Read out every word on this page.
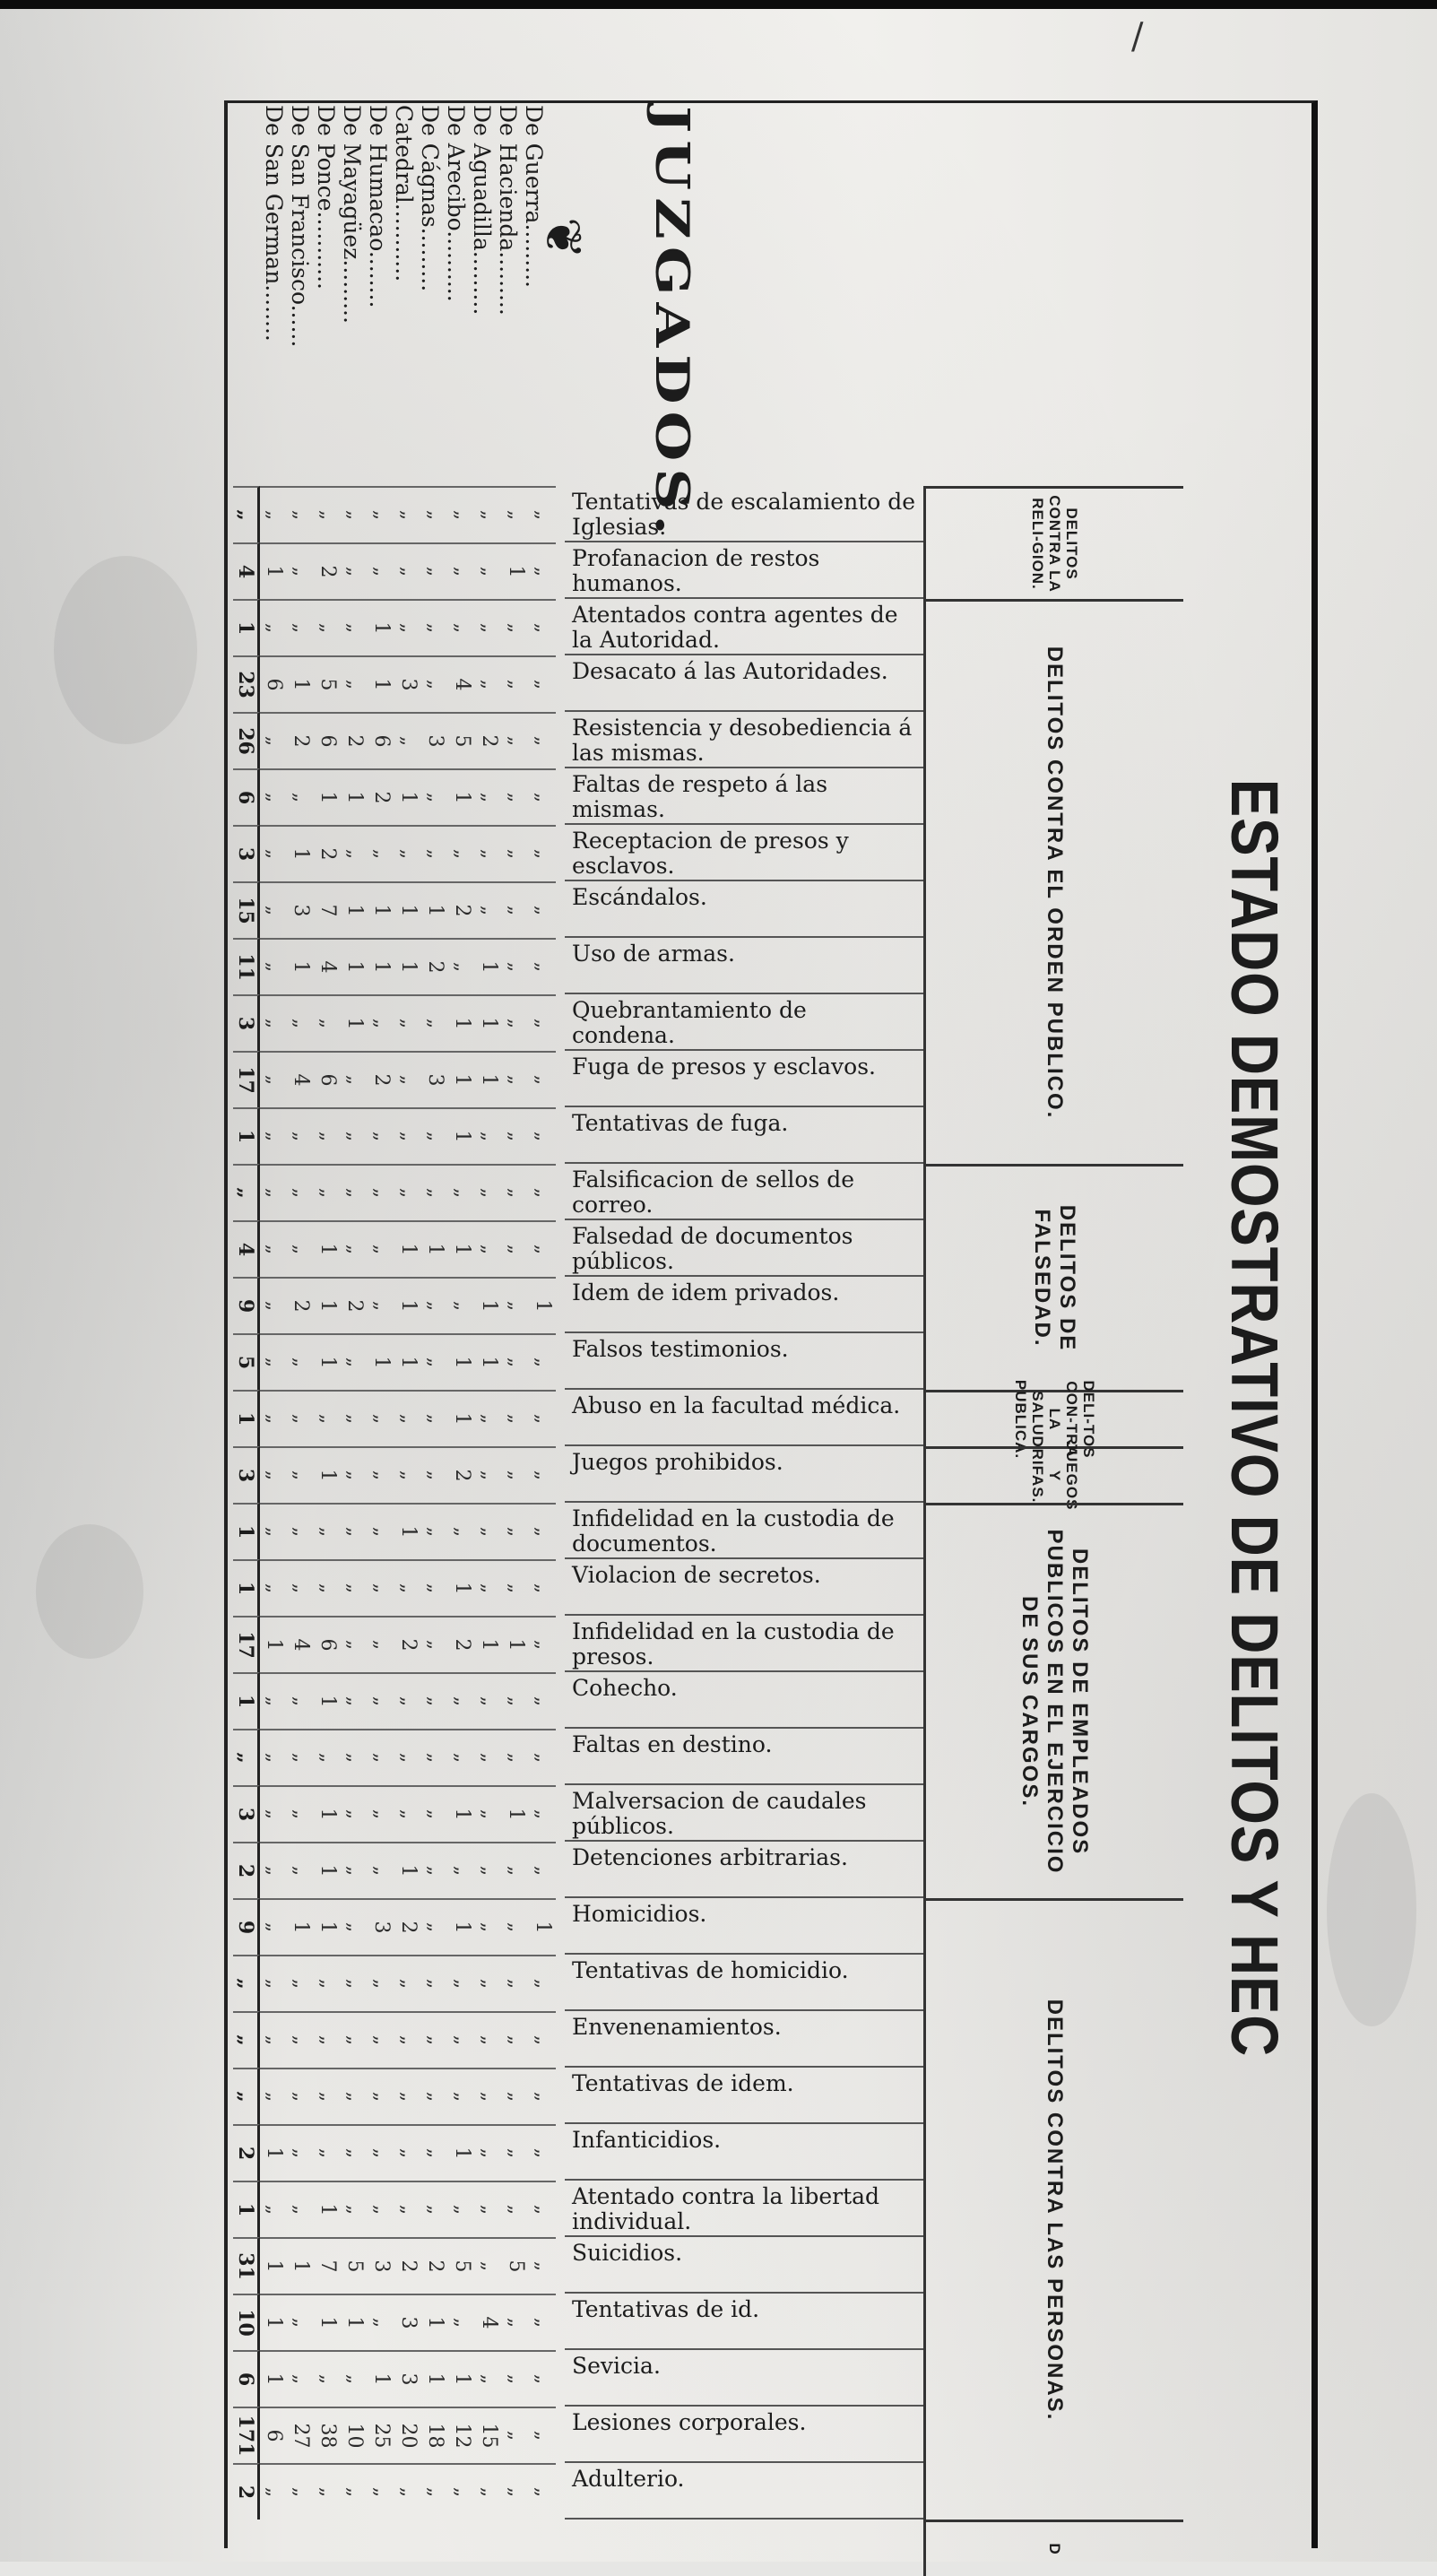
/
ESTADO DEMOSTRATIVO DE DELITOS Y HEC
JUZGADOS.
❦
De Guerra.........
De Hacienda.........
De Aguadilla.........
De Arecibo..........
De Cágnas.........
Catedral...........
De Humacao........
De Mayagüez.........
De Ponce...........
De San Francisco......
De San German........
DELITOS CONTRA LA RELI-GION.
DELITOS CONTRA EL ORDEN PUBLICO.
DELITOS DE FALSEDAD.
DELI-TOS CON-TRA LA SALUD PUBLICA.
JUEGOS Y RIFAS.
DELITOS DE EMPLEADOS PUBLICOS EN EL EJERCICIO DE SUS CARGOS.
DELITOS CONTRA LAS PERSONAS.
D
Tentativas de escalamiento de Iglesias.
Profanacion de restos humanos.
Atentados contra agentes de la Autoridad.
Desacato á las Autoridades.
Resistencia y desobediencia á las mismas.
Faltas de respeto á las mismas.
Receptacion de presos y esclavos.
Escándalos.
Uso de armas.
Quebrantamiento de condena.
Fuga de presos y esclavos.
Tentativas de fuga.
Falsificacion de sellos de correo.
Falsedad de documentos públicos.
Idem de idem privados.
Falsos testimonios.
Abuso en la facultad médica.
Juegos prohibidos.
Infidelidad en la custodia de documentos.
Violacion de secretos.
Infidelidad en la custodia de presos.
Cohecho.
Faltas en destino.
Malversacion de caudales públicos.
Detenciones arbitrarias.
Homicidios.
Tentativas de homicidio.
Envenenamientos.
Tentativas de idem.
Infanticidios.
Atentado contra la libertad individual.
Suicidios.
Tentativas de id.
Sevicia.
Lesiones corporales.
Adulterio.
„
„
„
„
„
„
„
„
„
„
„
„
„
1
„
„
„
„
„
„
2
„
1
4
„
„
„
„
„
„
1
„
„
„
„
1
„
„
„
4
„
3
1
„
5
1
6
23
„
„
2
5
3
„
6
2
6
2
„
26
„
„
„
1
„
1
2
1
1
„
„
6
„
„
„
„
„
„
„
„
2
1
„
3
„
„
„
2
1
1
1
1
7
3
„
15
„
„
1
„
2
1
1
1
4
1
„
11
„
„
1
1
„
„
„
1
„
„
„
3
„
„
1
1
3
„
2
„
6
4
„
17
„
„
„
1
„
„
„
„
„
„
„
1
„
„
„
„
„
„
„
„
„
„
„
„
„
„
„
1
1
1
„
„
1
„
„
4
1
„
1
„
„
1
„
2
1
2
„
9
„
„
1
1
„
1
1
„
1
„
„
5
„
„
„
1
„
„
„
„
„
„
„
1
„
„
„
2
„
„
„
„
1
„
„
3
„
„
„
„
„
1
„
„
„
„
„
1
„
„
„
1
„
„
„
„
„
„
„
1
„
1
1
2
„
2
„
„
6
4
1
17
„
„
„
„
„
„
„
„
1
„
„
1
„
„
„
„
„
„
„
„
„
„
„
„
„
1
„
1
„
„
„
„
1
„
„
3
„
„
„
„
„
1
„
„
1
„
„
2
1
„
„
1
„
2
3
„
1
1
„
9
„
„
„
„
„
„
„
„
„
„
„
„
„
„
„
„
„
„
„
„
„
„
„
„
„
„
„
„
„
„
„
„
„
„
„
„
„
„
„
1
„
„
„
„
„
„
1
2
„
„
„
„
„
„
„
„
1
„
„
1
„
5
„
5
2
2
3
5
7
1
1
31
„
„
4
„
1
3
„
1
1
„
1
10
„
„
„
1
1
3
1
„
„
„
1
6
„
„
15
12
18
20
25
10
38
27
6
171
„
„
„
„
„
„
„
„
„
„
„
2
